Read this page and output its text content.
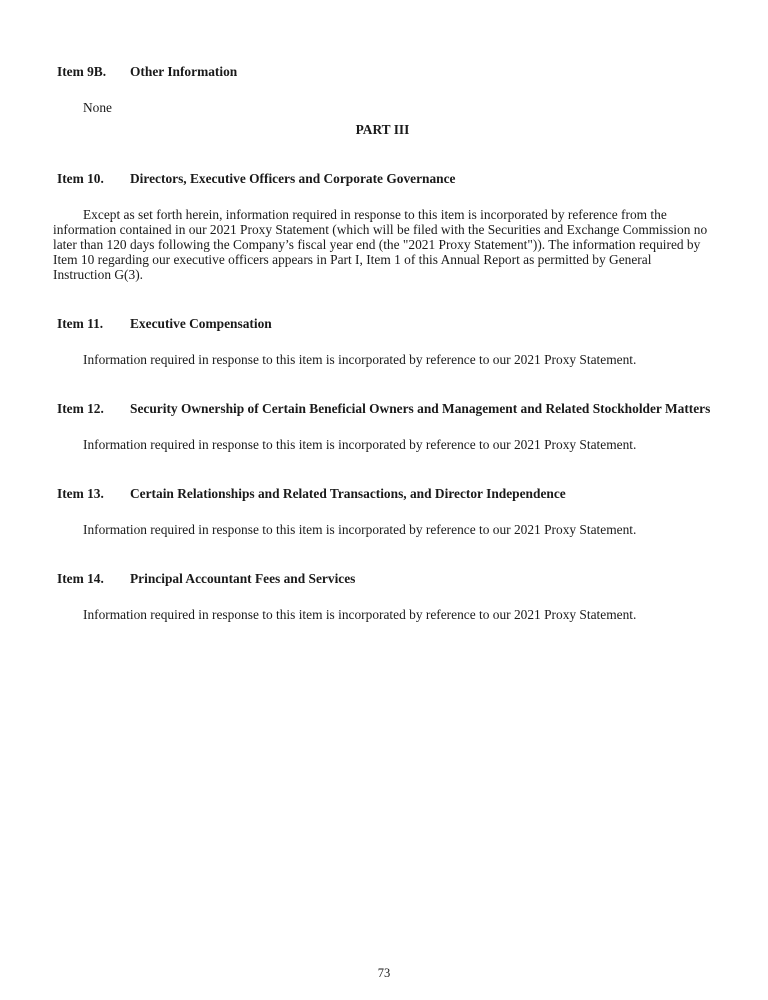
Item 9B.	Other Information

None

PART III
Item 10.	Directors, Executive Officers and Corporate Governance

Except as set forth herein, information required in response to this item is incorporated by reference from the information contained in our 2021 Proxy Statement (which will be filed with the Securities and Exchange Commission no later than 120 days following the Company’s fiscal year end (the "2021 Proxy Statement")). The information required by Item 10 regarding our executive officers appears in Part I, Item 1 of this Annual Report as permitted by General Instruction G(3).

Item 11.	Executive Compensation

Information required in response to this item is incorporated by reference to our 2021 Proxy Statement.

Item 12.	Security Ownership of Certain Beneficial Owners and Management and Related Stockholder Matters

Information required in response to this item is incorporated by reference to our 2021 Proxy Statement.

Item 13.	Certain Relationships and Related Transactions, and Director Independence

Information required in response to this item is incorporated by reference to our 2021 Proxy Statement.

Item 14.	Principal Accountant Fees and Services

Information required in response to this item is incorporated by reference to our 2021 Proxy Statement.

73
